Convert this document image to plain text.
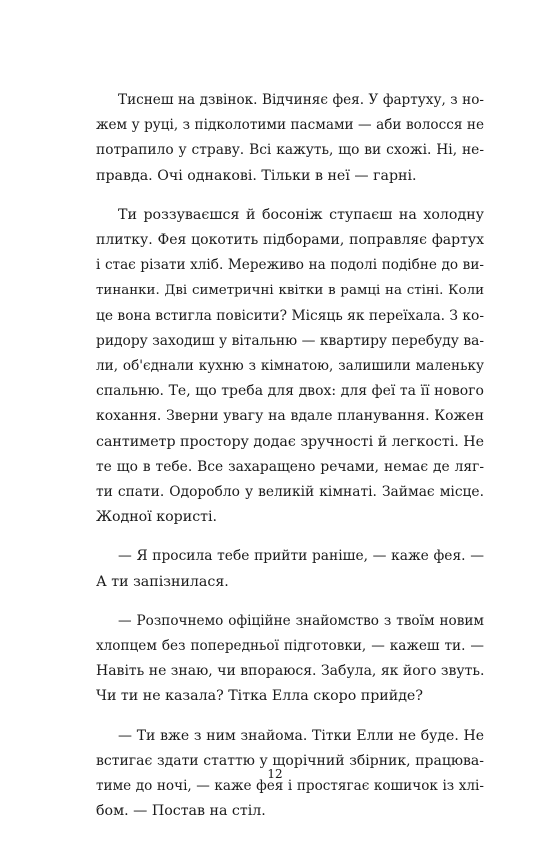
Тиснеш на дзвінок. Відчиняє фея. У фартуху, з но-
жем у руці, з підколотими пасмами — аби волосся не
потрапило у страву. Всі кажуть, що ви схожі. Ні, не-
правда. Очі однакові. Тільки в неї — гарні.

Ти роззуваєшся й босоніж ступаєш на холодну
плитку. Фея цокотить підборами, поправляє фартух
і стає різати хліб. Мереживо на подолі подібне до ви-
тинанки. Дві симетричні квітки в рамці на стіні. Коли
це вона встигла повісити? Місяць як переїхала. З ко-
ридору заходиш у вітальню — квартиру перебуду ва-
ли, об'єднали кухню з кімнатою, залишили маленьку
спальню. Те, що треба для двох: для феї та її нового
кохання. Зверни увагу на вдале планування. Кожен
сантиметр простору додає зручності й легкості. Не
те що в тебе. Все захаращено речами, немає де ляг-
ти спати. Одоробло у великій кімнаті. Займає місце.
Жодної користі.

— Я просила тебе прийти раніше, — каже фея. —
А ти запізнилася.

— Розпочнемо офіційне знайомство з твоїм новим
хлопцем без попередньої підготовки, — кажеш ти. —
Навіть не знаю, чи впораюся. Забула, як його звуть.
Чи ти не казала? Тітка Елла скоро прийде?

— Ти вже з ним знайома. Тітки Елли не буде. Не
встигає здати статтю у щорічний збірник, працюва-
тиме до ночі, — каже фея і простягає кошичок із хлі-
бом. — Постав на стіл.

12
